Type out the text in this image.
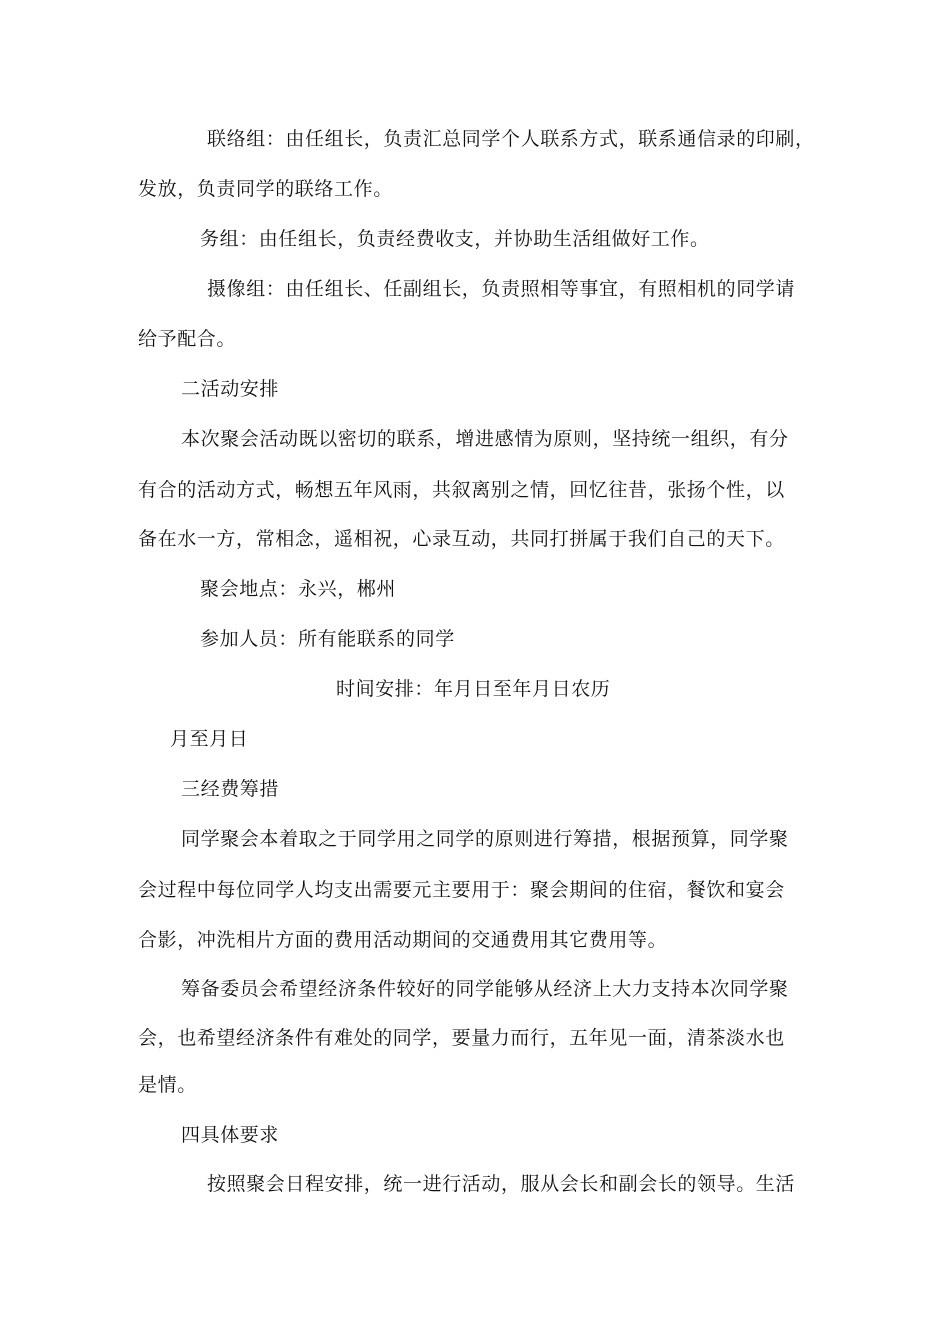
联络组：由任组长，负责汇总同学个人联系方式，联系通信录的印刷，
发放，负责同学的联络工作。
务组：由任组长，负责经费收支，并协助生活组做好工作。
摄像组：由任组长、任副组长，负责照相等事宜，有照相机的同学请
给予配合。
二活动安排
本次聚会活动既以密切的联系，增进感情为原则，坚持统一组织，有分
有合的活动方式，畅想五年风雨，共叙离别之情，回忆往昔，张扬个性，以
备在水一方，常相念，遥相祝，心录互动，共同打拼属于我们自己的天下。
聚会地点：永兴，郴州
参加人员：所有能联系的同学
时间安排：年月日至年月日农历
月至月日
三经费筹措
同学聚会本着取之于同学用之同学的原则进行筹措，根据预算，同学聚
会过程中每位同学人均支出需要元主要用于：聚会期间的住宿，餐饮和宴会
合影，冲洗相片方面的费用活动期间的交通费用其它费用等。
筹备委员会希望经济条件较好的同学能够从经济上大力支持本次同学聚
会，也希望经济条件有难处的同学，要量力而行，五年见一面，清茶淡水也
是情。
四具体要求
按照聚会日程安排，统一进行活动，服从会长和副会长的领导。生活
